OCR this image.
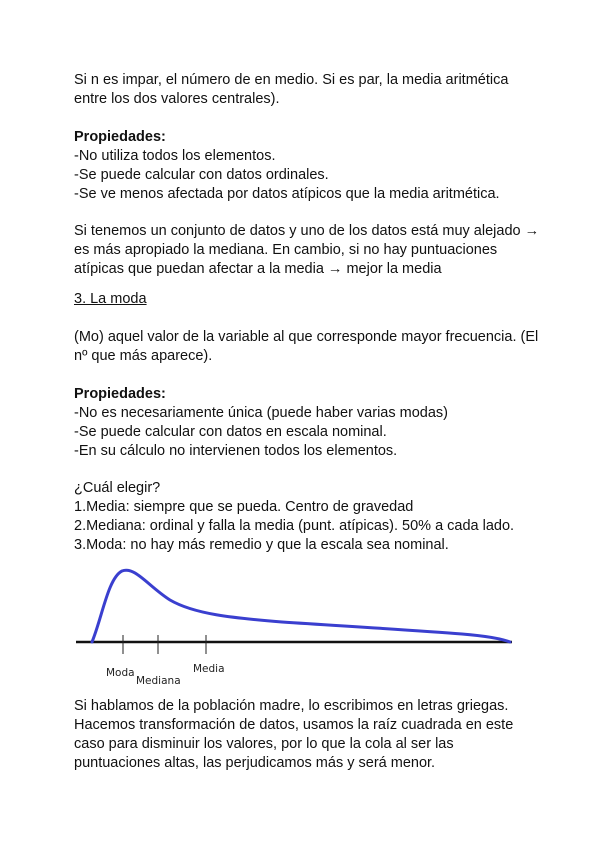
Si n es impar, el número de en medio. Si es par, la media aritmética
entre los dos valores centrales).
Propiedades:
-No utiliza todos los elementos.
-Se puede calcular con datos ordinales.
-Se ve menos afectada por datos atípicos que la media aritmética.
Si tenemos un conjunto de datos y uno de los datos está muy alejado →
es más apropiado la mediana. En cambio, si no hay puntuaciones
atípicas que puedan afectar a la media → mejor la media
3. La moda
(Mo) aquel valor de la variable al que corresponde mayor frecuencia. (El
nº que más aparece).
Propiedades:
-No es necesariamente única (puede haber varias modas)
-Se puede calcular con datos en escala nominal.
-En su cálculo no intervienen todos los elementos.
¿Cuál elegir?
1.Media: siempre que se pueda. Centro de gravedad
2.Mediana: ordinal y falla la media (punt. atípicas). 50% a cada lado.
3.Moda: no hay más remedio y que la escala sea nominal.
Moda
Mediana
Media
Si hablamos de la población madre, lo escribimos en letras griegas.
Hacemos transformación de datos, usamos la raíz cuadrada en este
caso para disminuir los valores, por lo que la cola al ser las
puntuaciones altas, las perjudicamos más y será menor.
